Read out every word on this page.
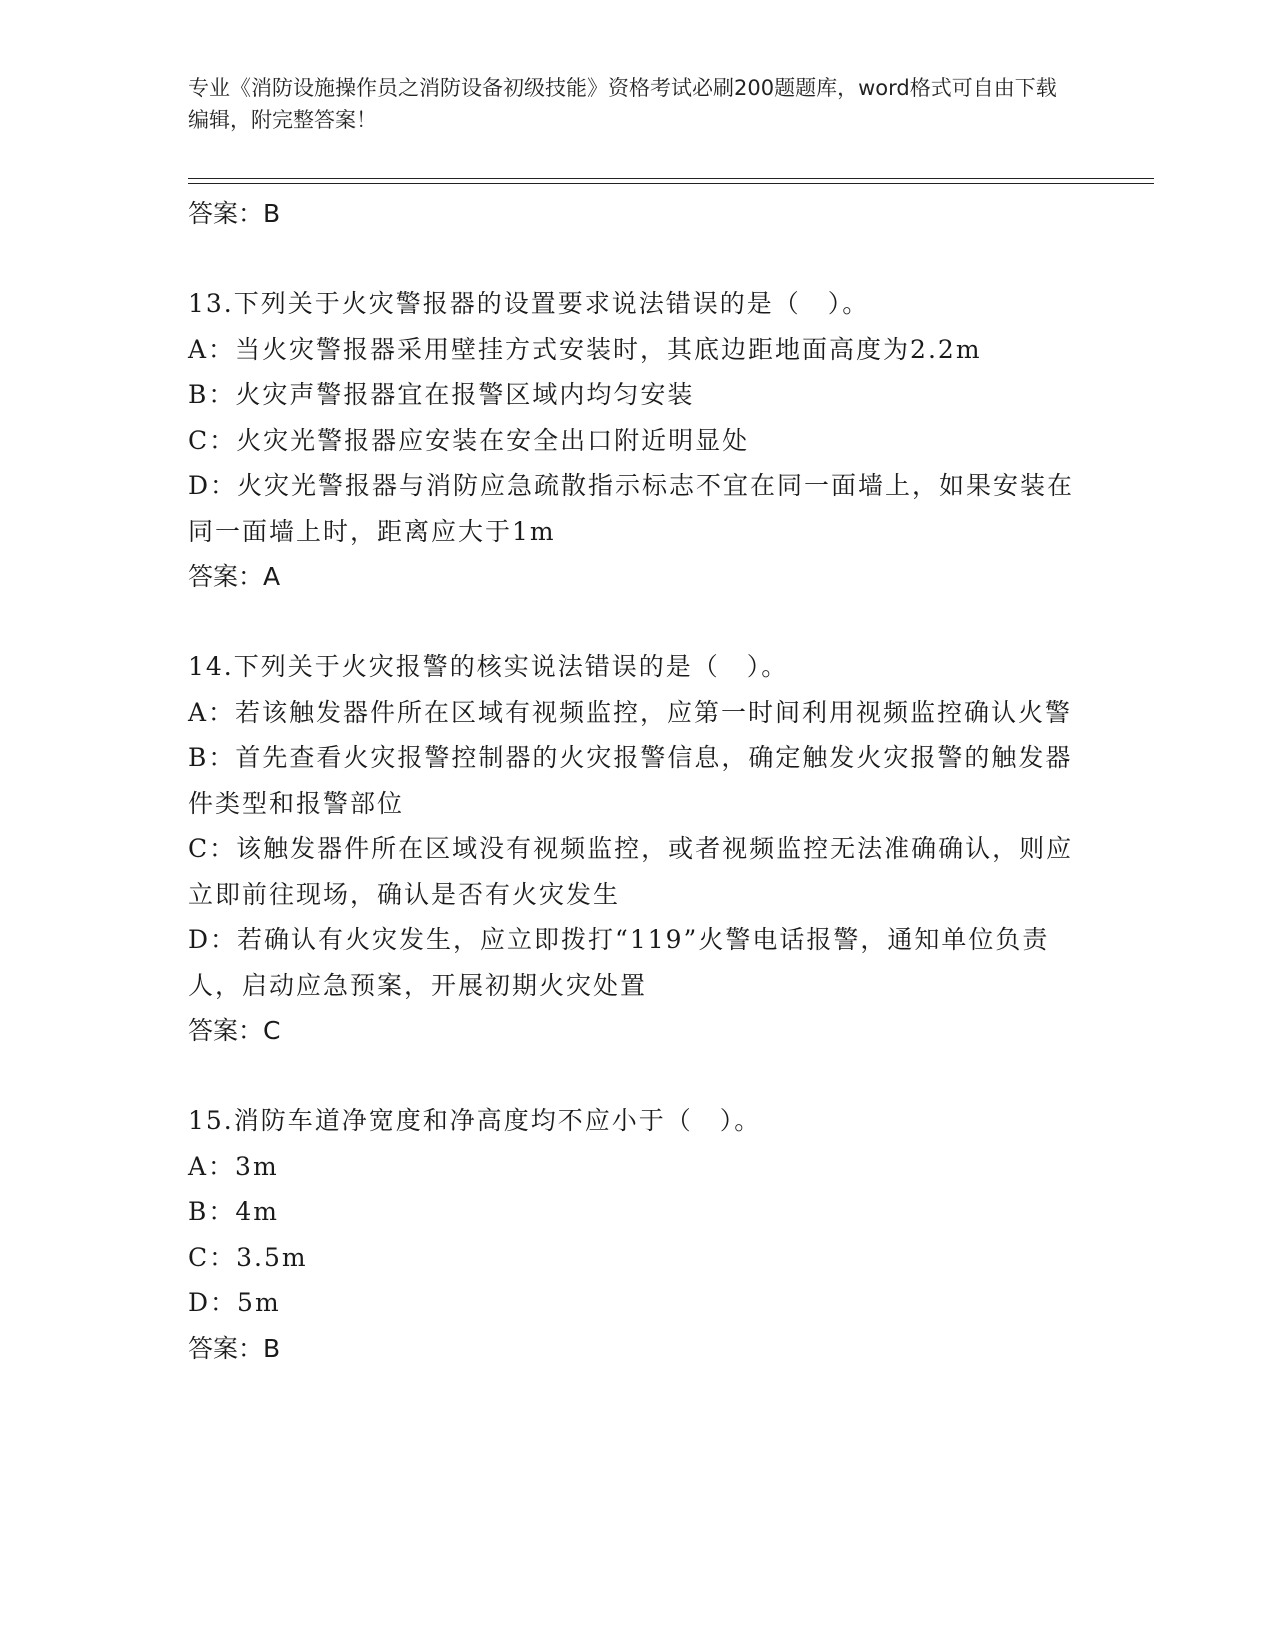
专业《消防设施操作员之消防设备初级技能》资格考试必刷200题题库，word格式可自由下载编辑，附完整答案！

答案：B

13.下列关于火灾警报器的设置要求说法错误的是（　）。

A：当火灾警报器采用壁挂方式安装时，其底边距地面高度为2.2m

B：火灾声警报器宜在报警区域内均匀安装

C：火灾光警报器应安装在安全出口附近明显处

D：火灾光警报器与消防应急疏散指示标志不宜在同一面墙上，如果安装在同一面墙上时，距离应大于1m

答案：A

14.下列关于火灾报警的核实说法错误的是（　）。

A：若该触发器件所在区域有视频监控，应第一时间利用视频监控确认火警

B：首先查看火灾报警控制器的火灾报警信息，确定触发火灾报警的触发器件类型和报警部位

C：该触发器件所在区域没有视频监控，或者视频监控无法准确确认，则应立即前往现场，确认是否有火灾发生

D：若确认有火灾发生，应立即拨打“119”火警电话报警，通知单位负责人，启动应急预案，开展初期火灾处置

答案：C

15.消防车道净宽度和净高度均不应小于（　）。

A：3m

B：4m

C：3.5m

D：5m

答案：B
